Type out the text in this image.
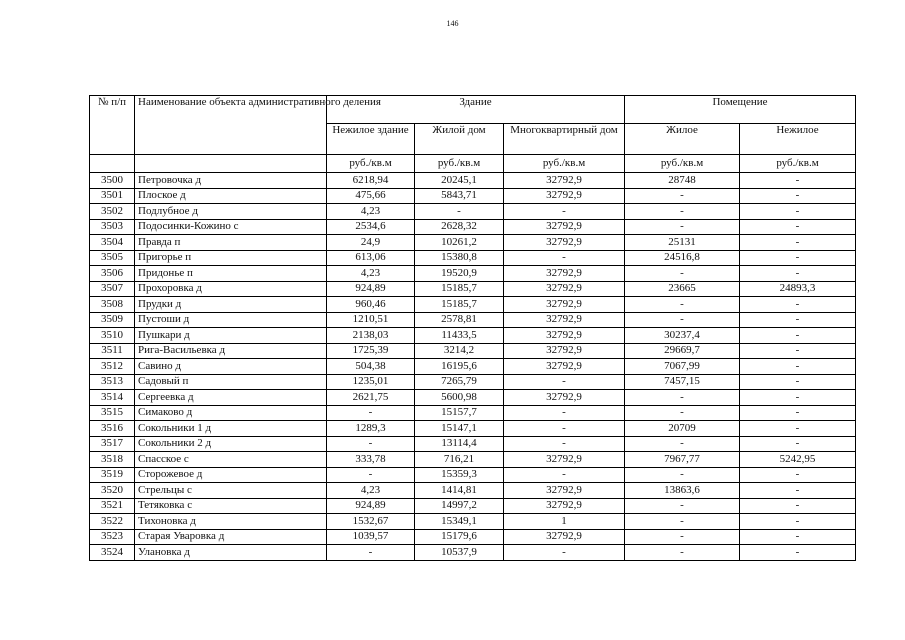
146
№ п/п	Наименование объекта административного деления	Здание			Помещение	
		Нежилое здание	Жилой дом	Многоквартирный дом	Жилое	Нежилое
		руб./кв.м	руб./кв.м	руб./кв.м	руб./кв.м	руб./кв.м
3500	Петровочка д	6218,94	20245,1	32792,9	28748	-
3501	Плоское д	475,66	5843,71	32792,9	-	-
3502	Подлубное д	4,23	-	-	-	-
3503	Подосинки-Кожино с	2534,6	2628,32	32792,9	-	-
3504	Правда п	24,9	10261,2	32792,9	25131	-
3505	Пригорье п	613,06	15380,8	-	24516,8	-
3506	Придонье п	4,23	19520,9	32792,9	-	-
3507	Прохоровка д	924,89	15185,7	32792,9	23665	24893,3
3508	Прудки д	960,46	15185,7	32792,9	-	-
3509	Пустоши д	1210,51	2578,81	32792,9	-	-
3510	Пушкари д	2138,03	11433,5	32792,9	30237,4	-
3511	Рига-Васильевка д	1725,39	3214,2	32792,9	29669,7	-
3512	Савино д	504,38	16195,6	32792,9	7067,99	-
3513	Садовый п	1235,01	7265,79	-	7457,15	-
3514	Сергеевка д	2621,75	5600,98	32792,9	-	-
3515	Симаково д	-	15157,7	-	-	-
3516	Сокольники 1 д	1289,3	15147,1	-	20709	-
3517	Сокольники 2 д	-	13114,4	-	-	-
3518	Спасское с	333,78	716,21	32792,9	7967,77	5242,95
3519	Сторожевое д	-	15359,3	-	-	-
3520	Стрельцы с	4,23	1414,81	32792,9	13863,6	-
3521	Тетяковка с	924,89	14997,2	32792,9	-	-
3522	Тихоновка д	1532,67	15349,1	1	-	-
3523	Старая Уваровка д	1039,57	15179,6	32792,9	-	-
3524	Улановка д	-	10537,9	-	-	-
